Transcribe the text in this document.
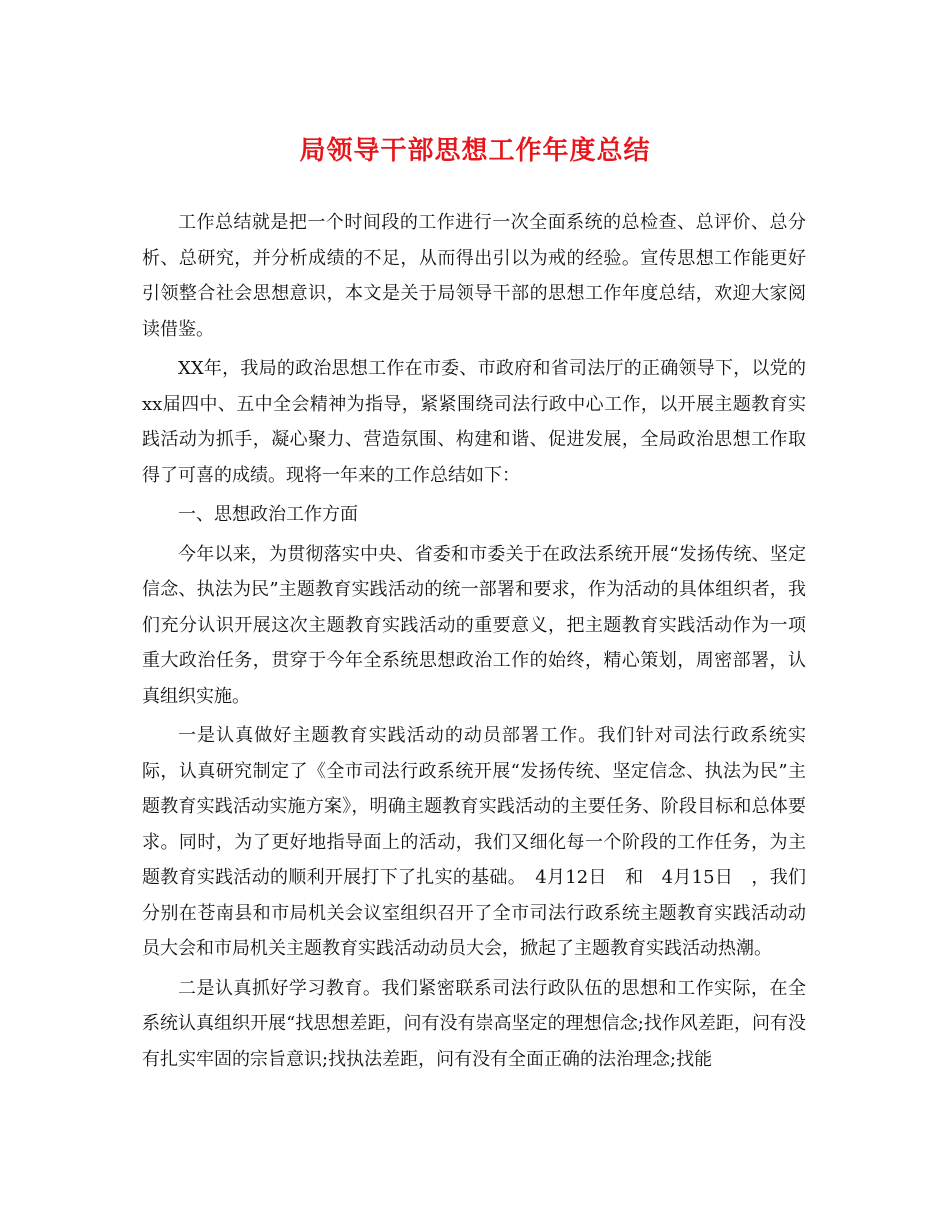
局领导干部思想工作年度总结

工作总结就是把一个时间段的工作进行一次全面系统的总检查、总评价、总分析、总研究，并分析成绩的不足，从而得出引以为戒的经验。宣传思想工作能更好引领整合社会思想意识，本文是关于局领导干部的思想工作年度总结，欢迎大家阅读借鉴。

XX年，我局的政治思想工作在市委、市政府和省司法厅的正确领导下，以党的xx届四中、五中全会精神为指导，紧紧围绕司法行政中心工作，以开展主题教育实践活动为抓手，凝心聚力、营造氛围、构建和谐、促进发展，全局政治思想工作取得了可喜的成绩。现将一年来的工作总结如下：

一、思想政治工作方面

今年以来，为贯彻落实中央、省委和市委关于在政法系统开展“发扬传统、坚定信念、执法为民”主题教育实践活动的统一部署和要求，作为活动的具体组织者，我们充分认识开展这次主题教育实践活动的重要意义，把主题教育实践活动作为一项重大政治任务，贯穿于今年全系统思想政治工作的始终，精心策划，周密部署，认真组织实施。

一是认真做好主题教育实践活动的动员部署工作。我们针对司法行政系统实际，认真研究制定了《全市司法行政系统开展“发扬传统、坚定信念、执法为民”主题教育实践活动实施方案》，明确主题教育实践活动的主要任务、阶段目标和总体要求。同时，为了更好地指导面上的活动，我们又细化每一个阶段的工作任务，为主题教育实践活动的顺利开展打下了扎实的基础。　4月12日　和　4月15日　，我们分别在苍南县和市局机关会议室组织召开了全市司法行政系统主题教育实践活动动员大会和市局机关主题教育实践活动动员大会，掀起了主题教育实践活动热潮。

二是认真抓好学习教育。我们紧密联系司法行政队伍的思想和工作实际，在全系统认真组织开展“找思想差距，问有没有崇高坚定的理想信念;找作风差距，问有没有扎实牢固的宗旨意识;找执法差距，问有没有全面正确的法治理念;找能
